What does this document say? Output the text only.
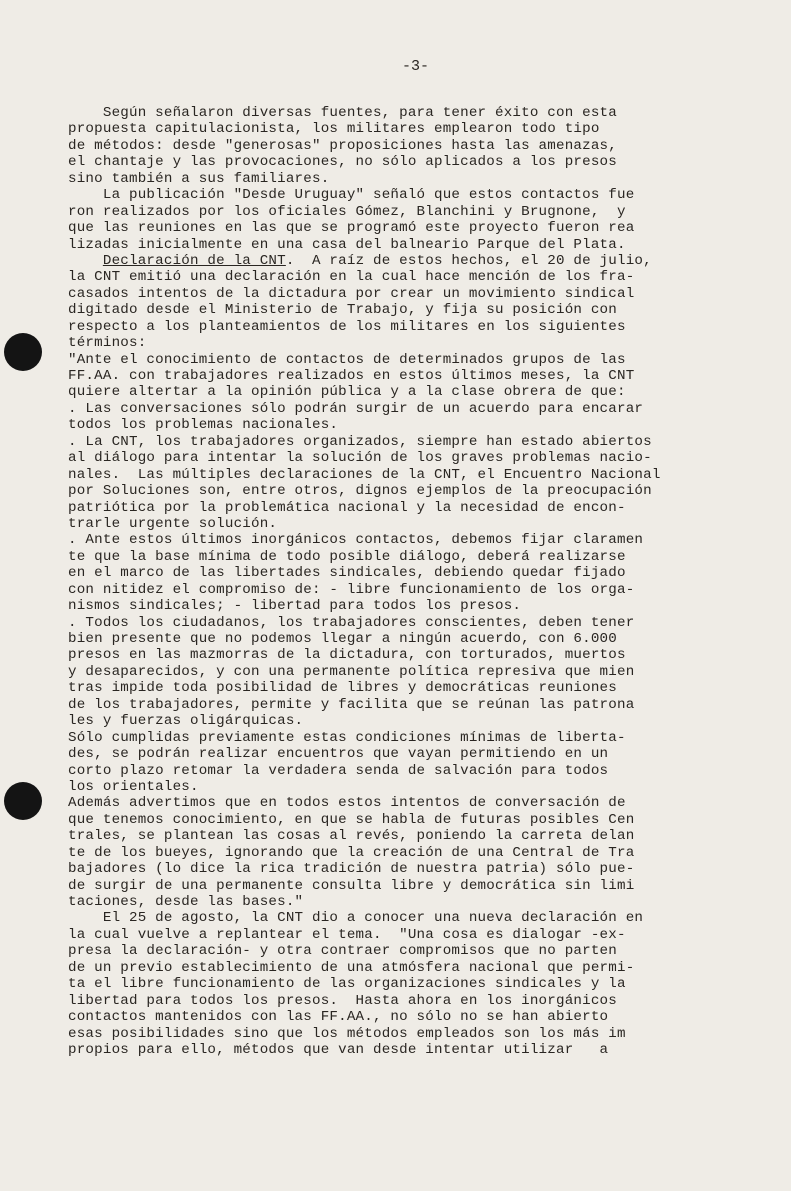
-3-
Según señalaron diversas fuentes, para tener éxito con esta
propuesta capitulacionista, los militares emplearon todo tipo
de métodos: desde "generosas" proposiciones hasta las amenazas,
el chantaje y las provocaciones, no sólo aplicados a los presos
sino también a sus familiares.
La publicación "Desde Uruguay" señaló que estos contactos fue
ron realizados por los oficiales Gómez, Blanchini y Brugnone,  y
que las reuniones en las que se programó este proyecto fueron rea
lizadas inicialmente en una casa del balneario Parque del Plata.
Declaración de la CNT.  A raíz de estos hechos, el 20 de julio,
la CNT emitió una declaración en la cual hace mención de los fra-
casados intentos de la dictadura por crear un movimiento sindical
digitado desde el Ministerio de Trabajo, y fija su posición con
respecto a los planteamientos de los militares en los siguientes
términos:
"Ante el conocimiento de contactos de determinados grupos de las
FF.AA. con trabajadores realizados en estos últimos meses, la CNT
quiere altertar a la opinión pública y a la clase obrera de que:
. Las conversaciones sólo podrán surgir de un acuerdo para encarar
todos los problemas nacionales.
. La CNT, los trabajadores organizados, siempre han estado abiertos
al diálogo para intentar la solución de los graves problemas nacio-
nales.  Las múltiples declaraciones de la CNT, el Encuentro Nacional
por Soluciones son, entre otros, dignos ejemplos de la preocupación
patriótica por la problemática nacional y la necesidad de encon-
trarle urgente solución.
. Ante estos últimos inorgánicos contactos, debemos fijar claramen
te que la base mínima de todo posible diálogo, deberá realizarse
en el marco de las libertades sindicales, debiendo quedar fijado
con nitidez el compromiso de: - libre funcionamiento de los orga-
nismos sindicales; - libertad para todos los presos.
. Todos los ciudadanos, los trabajadores conscientes, deben tener
bien presente que no podemos llegar a ningún acuerdo, con 6.000
presos en las mazmorras de la dictadura, con torturados, muertos
y desaparecidos, y con una permanente política represiva que mien
tras impide toda posibilidad de libres y democráticas reuniones
de los trabajadores, permite y facilita que se reúnan las patrona
les y fuerzas oligárquicas.
Sólo cumplidas previamente estas condiciones mínimas de liberta-
des, se podrán realizar encuentros que vayan permitiendo en un
corto plazo retomar la verdadera senda de salvación para todos
los orientales.
Además advertimos que en todos estos intentos de conversación de
que tenemos conocimiento, en que se habla de futuras posibles Cen
trales, se plantean las cosas al revés, poniendo la carreta delan
te de los bueyes, ignorando que la creación de una Central de Tra
bajadores (lo dice la rica tradición de nuestra patria) sólo pue-
de surgir de una permanente consulta libre y democrática sin limi
taciones, desde las bases."
El 25 de agosto, la CNT dio a conocer una nueva declaración en
la cual vuelve a replantear el tema.  "Una cosa es dialogar -ex-
presa la declaración- y otra contraer compromisos que no parten
de un previo establecimiento de una atmósfera nacional que permi-
ta el libre funcionamiento de las organizaciones sindicales y la
libertad para todos los presos.  Hasta ahora en los inorgánicos
contactos mantenidos con las FF.AA., no sólo no se han abierto
esas posibilidades sino que los métodos empleados son los más im
propios para ello, métodos que van desde intentar utilizar   a
